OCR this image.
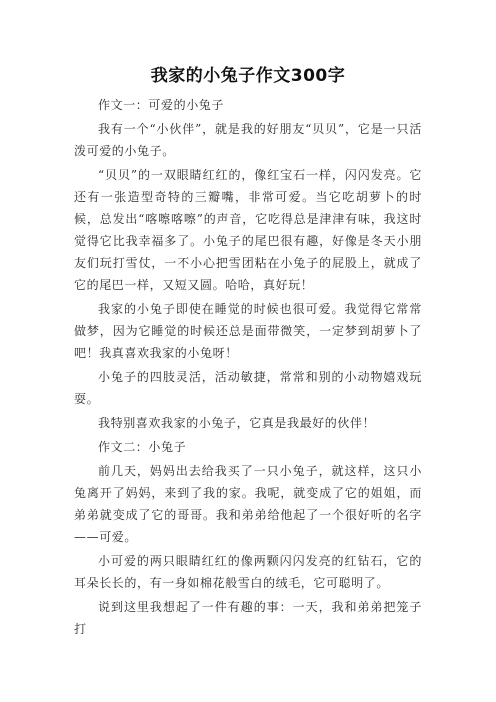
我家的小兔子作文300字

作文一：可爱的小兔子

我有一个“小伙伴”，就是我的好朋友“贝贝”，它是一只活泼可爱的小兔子。

“贝贝”的一双眼睛红红的，像红宝石一样，闪闪发亮。它还有一张造型奇特的三瓣嘴，非常可爱。当它吃胡萝卜的时候，总发出“喀嚓喀嚓”的声音，它吃得总是津津有味，我这时觉得它比我幸福多了。小兔子的尾巴很有趣，好像是冬天小朋友们玩打雪仗，一不小心把雪团粘在小兔子的屁股上，就成了它的尾巴一样，又短又圆。哈哈，真好玩！

我家的小兔子即使在睡觉的时候也很可爱。我觉得它常常做梦，因为它睡觉的时候还总是面带微笑，一定梦到胡萝卜了吧！我真喜欢我家的小兔呀！

小兔子的四肢灵活，活动敏捷，常常和别的小动物嬉戏玩耍。

我特别喜欢我家的小兔子，它真是我最好的伙伴！

作文二：小兔子

前几天，妈妈出去给我买了一只小兔子，就这样，这只小兔离开了妈妈，来到了我的家。我呢，就变成了它的姐姐，而弟弟就变成了它的哥哥。我和弟弟给他起了一个很好听的名字——可爱。

小可爱的两只眼睛红红的像两颗闪闪发亮的红钻石，它的耳朵长长的，有一身如棉花般雪白的绒毛，它可聪明了。

说到这里我想起了一件有趣的事：一天，我和弟弟把笼子打
